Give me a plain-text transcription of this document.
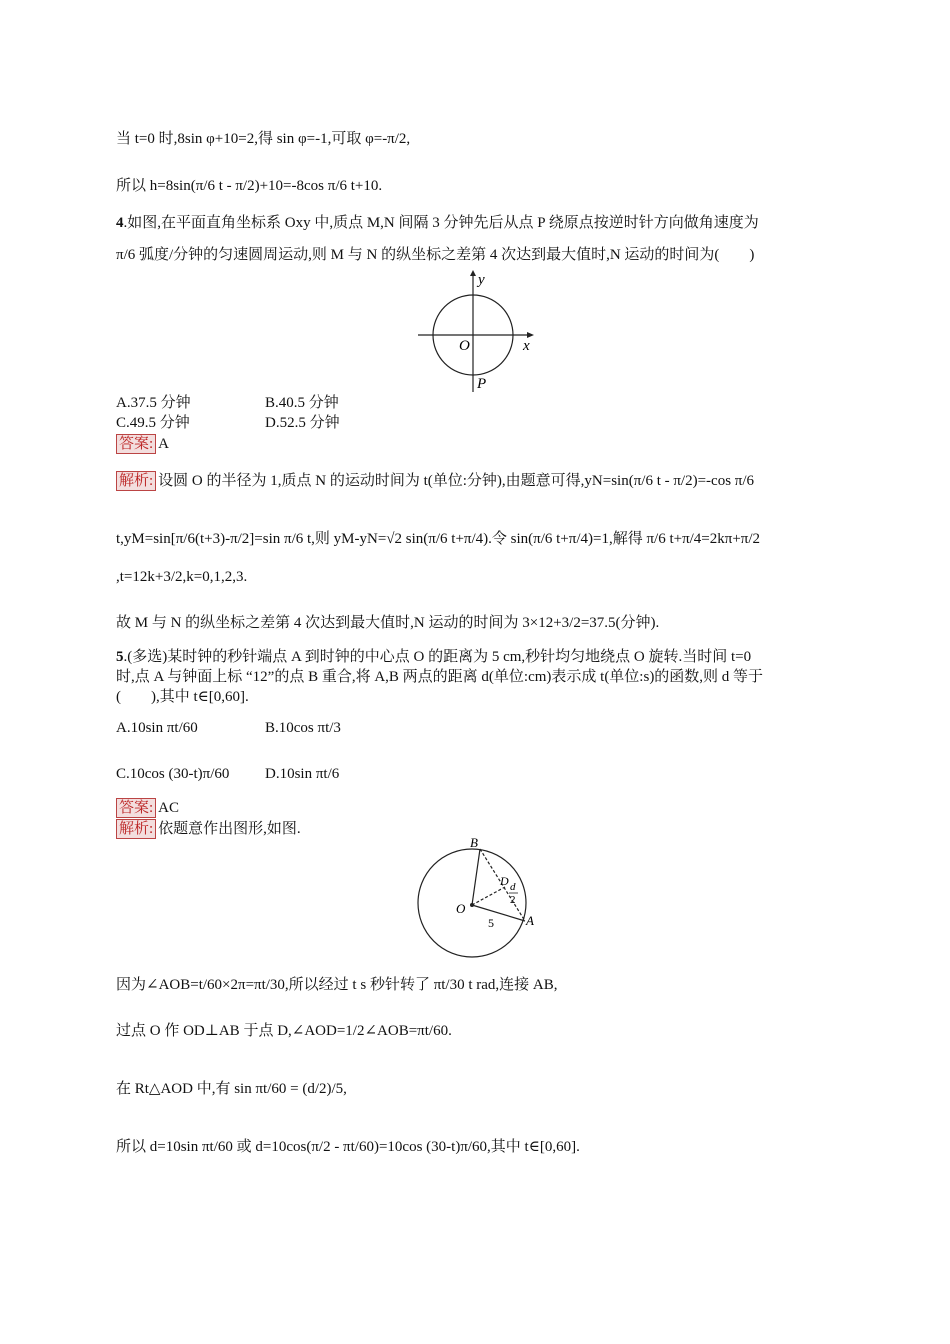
当 t=0 时,8sin φ+10=2,得 sin φ=-1,可取 φ=-π/2,
所以 h=8sin(π/6 t - π/2)+10=-8cos π/6 t+10.
4.如图,在平面直角坐标系 Oxy 中,质点 M,N 间隔 3 分钟先后从点 P 绕原点按逆时针方向做角速度为
π/6 弧度/分钟的匀速圆周运动,则 M 与 N 的纵坐标之差第 4 次达到最大值时,N 运动的时间为(　　)
x
y
O
P
A.37.5 分钟	B.40.5 分钟
C.49.5 分钟	D.52.5 分钟
答案: A
解析: 设圆 O 的半径为 1,质点 N 的运动时间为 t(单位:分钟),由题意可得,yN=sin(π/6 t - π/2)=-cos π/6
t,yM=sin[π/6(t+3)-π/2]=sin π/6 t,则 yM-yN=√2 sin(π/6 t+π/4).令 sin(π/6 t+π/4)=1,解得 π/6 t+π/4=2kπ+π/2
,t=12k+3/2,k=0,1,2,3.
故 M 与 N 的纵坐标之差第 4 次达到最大值时,N 运动的时间为 3×12+3/2=37.5(分钟).
5.(多选)某时钟的秒针端点 A 到时钟的中心点 O 的距离为 5 cm,秒针均匀地绕点 O 旋转.当时间 t=0
时,点 A 与钟面上标 “12”的点 B 重合,将 A,B 两点的距离 d(单位:cm)表示成 t(单位:s)的函数,则 d 等于
(　　),其中 t∈[0,60].
A.10sin πt/60	B.10cos πt/3
C.10cos (30-t)π/60 D.10sin πt/6
答案: AC
解析: 依题意作出图形,如图.
B
O
A
D d
2
5
因为∠AOB=t/60×2π=πt/30,所以经过 t s 秒针转了 πt/30 t rad,连接 AB,
过点 O 作 OD⊥AB 于点 D,∠AOD=1/2∠AOB=πt/60.
在 Rt△AOD 中,有 sin πt/60 = (d/2)/5,
所以 d=10sin πt/60 或 d=10cos(π/2 - πt/60)=10cos (30-t)π/60,其中 t∈[0,60].
